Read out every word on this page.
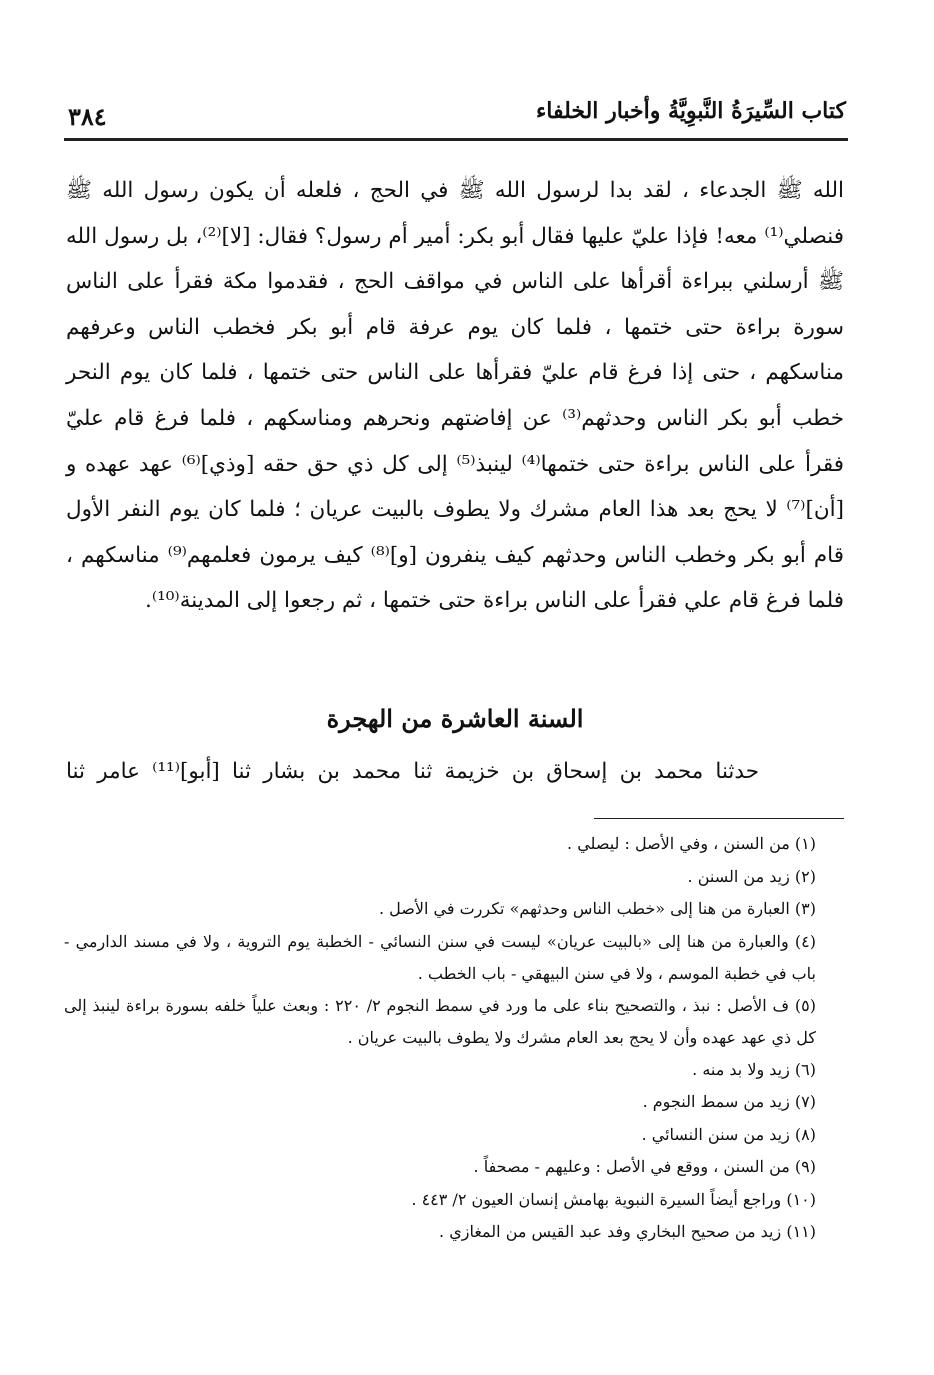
كتاب السِّيرَةُ النَّبوِيَّةُ وأخبار الخلفاء
٣٨٤

الله ﷺ الجدعاء ، لقد بدا لرسول الله ﷺ في الحج ، فلعله أن يكون رسول الله ﷺ فنصلي⁽¹⁾ معه! فإذا عليّ عليها فقال أبو بكر: أمير أم رسول؟ فقال: [لا]⁽²⁾، بل رسول الله ﷺ أرسلني ببراءة أقرأها على الناس في مواقف الحج ، فقدموا مكة فقرأ على الناس سورة براءة حتى ختمها ، فلما كان يوم عرفة قام أبو بكر فخطب الناس وعرفهم مناسكهم ، حتى إذا فرغ قام عليّ فقرأها على الناس حتى ختمها ، فلما كان يوم النحر خطب أبو بكر الناس وحدثهم⁽³⁾ عن إفاضتهم ونحرهم ومناسكهم ، فلما فرغ قام عليّ فقرأ على الناس براءة حتى ختمها⁽⁴⁾ لينبذ⁽⁵⁾ إلى كل ذي حق حقه [وذي]⁽⁶⁾ عهد عهده و [أن]⁽⁷⁾ لا يحج بعد هذا العام مشرك ولا يطوف بالبيت عريان ؛ فلما كان يوم النفر الأول قام أبو بكر وخطب الناس وحدثهم كيف ينفرون [و]⁽⁸⁾ كيف يرمون فعلمهم⁽⁹⁾ مناسكهم ، فلما فرغ قام علي فقرأ على الناس براءة حتى ختمها ، ثم رجعوا إلى المدينة⁽¹⁰⁾.

السنة العاشرة من الهجرة
حدثنا محمد بن إسحاق بن خزيمة ثنا محمد بن بشار ثنا [أبو]⁽¹¹⁾ عامر ثنا

(١) من السنن ، وفي الأصل : ليصلي .

(٢) زيد من السنن .

(٣) العبارة من هنا إلى «خطب الناس وحدثهم» تكررت في الأصل .

(٤) والعبارة من هنا إلى «بالبيت عريان» ليست في سنن النسائي - الخطبة يوم التروية ، ولا في مسند الدارمي - باب في خطبة الموسم ، ولا في سنن البيهقي - باب الخطب .

(٥) ف الأصل : نبذ ، والتصحيح بناء على ما ورد في سمط النجوم ٢/ ٢٢٠ : وبعث علياً خلفه بسورة براءة لينبذ إلى كل ذي عهد عهده وأن لا يحج بعد العام مشرك ولا يطوف بالبيت عريان .

(٦) زيد ولا بد منه .

(٧) زيد من سمط النجوم .

(٨) زيد من سنن النسائي .

(٩) من السنن ، ووقع في الأصل : وعليهم - مصحفاً .

(١٠) وراجع أيضاً السيرة النبوية بهامش إنسان العيون ٢/ ٤٤٣ .

(١١) زيد من صحيح البخاري وفد عبد القيس من المغازي .
